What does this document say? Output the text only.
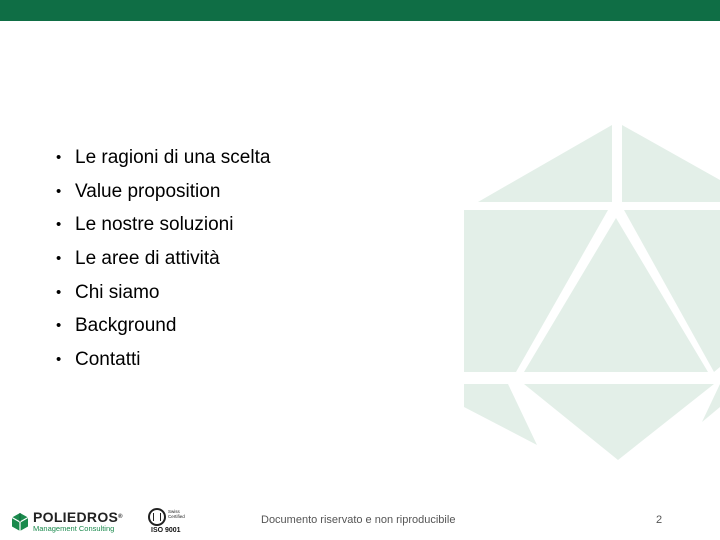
• Le ragioni di una scelta
• Value proposition
• Le nostre soluzioni
• Le aree di attività
• Chi siamo
• Background
• Contatti
POLIEDROS®
Management Consulting
Swiss
Certified
ISO 9001
Documento riservato e non riproducibile	2
